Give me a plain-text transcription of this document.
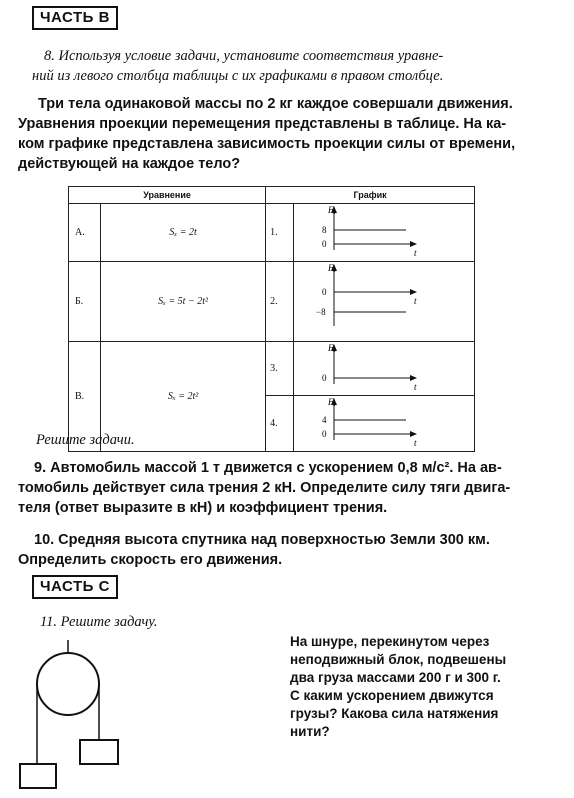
ЧАСТЬ В
8. Используя условие задачи, установите соответствия уравне-
ний из левого столбца таблицы с их графиками в правом столбце.
Три тела одинаковой массы по 2 кг каждое совершали движения.
Уравнения проекции перемещения представлены в таблице. На ка-
ком графике представлена зависимость проекции силы от времени,
действующей на каждое тело?
Уравнение		График	
А.	Sₓ = 2t	1.	Fₓ
8
0
t

Б.	Sₓ = 5t − 2t²	2.	Fₓ
0
−8
t

В.	Sₓ = 2t²	3.	Fₓ
0
t

		4.	Fₓ
4
0
t
Решите задачи.
9. Автомобиль массой 1 т движется с ускорением 0,8 м/с². На ав-
томобиль действует сила трения 2 кН. Определите силу тяги двига-
теля (ответ выразите в кН) и коэффициент трения.
10. Средняя высота спутника над поверхностью Земли 300 км.
Определить скорость его движения.
ЧАСТЬ С
11. Решите задачу.
На шнуре, перекинутом через
неподвижный блок, подвешены
два груза массами 200 г и 300 г.
С каким ускорением движутся
грузы? Какова сила натяжения
нити?
